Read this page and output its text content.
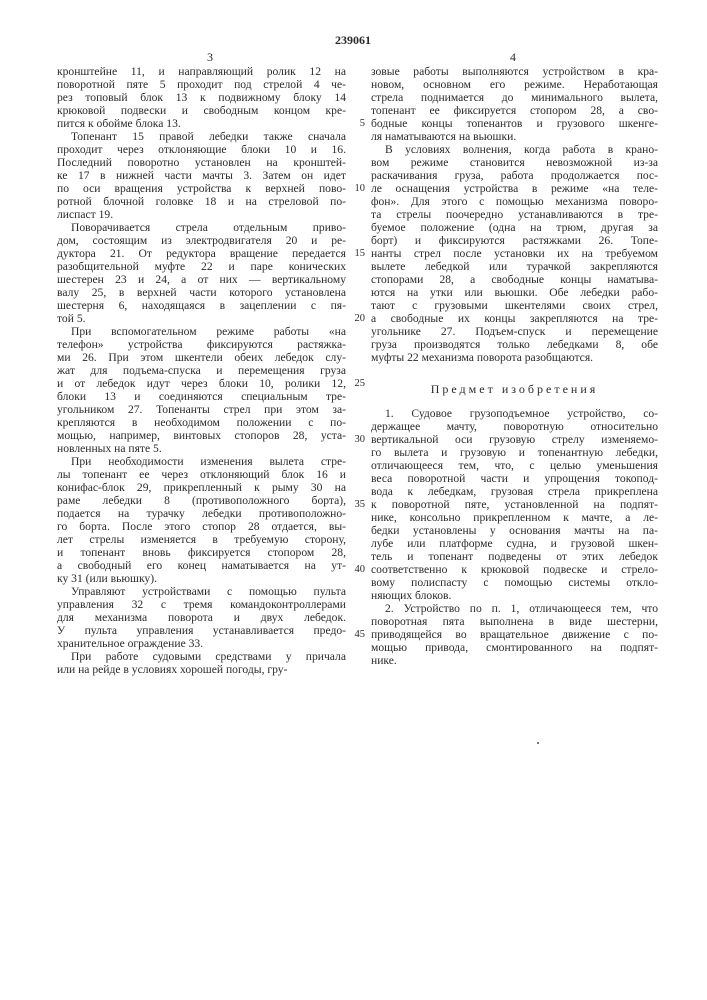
239061
3	4
кронштейне 11, и направляющий ролик 12 на
поворотной пяте 5 проходит под стрелой 4 че-
рез топовый блок 13 к подвижному блоку 14
крюковой подвески и свободным концом кре-
пится к обойме блока 13.
Топенант 15 правой лебедки также сначала
проходит через отклоняющие блоки 10 и 16.
Последний поворотно установлен на кронштей-
ке 17 в нижней части мачты 3. Затем он идет
по оси вращения устройства к верхней пово-
ротной блочной головке 18 и на стреловой по-
лиспаст 19.
Поворачивается стрела отдельным приво-
дом, состоящим из электродвигателя 20 и ре-
дуктора 21. От редуктора вращение передается
разобщительной муфте 22 и паре конических
шестерен 23 и 24, а от них — вертикальному
валу 25, в верхней части которого установлена
шестерня 6, находящаяся в зацеплении с пя-
той 5.
При вспомогательном режиме работы «на
телефон» устройства фиксируются растяжка-
ми 26. При этом шкентели обеих лебедок слу-
жат для подъема-спуска и перемещения груза
и от лебедок идут через блоки 10, ролики 12,
блоки 13 и соединяются специальным тре-
угольником 27. Топенанты стрел при этом за-
крепляются в необходимом положении с по-
мощью, например, винтовых стопоров 28, уста-
новленных на пяте 5.
При необходимости изменения вылета стре-
лы топенант ее через отклоняющий блок 16 и
конифас-блок 29, прикрепленный к рыму 30 на
раме лебедки 8 (противоположного борта),
подается на турачку лебедки противоположно-
го борта. После этого стопор 28 отдается, вы-
лет стрелы изменяется в требуемую сторону,
и топенант вновь фиксируется стопором 28,
а свободный его конец наматывается на ут-
ку 31 (или вьюшку).
Управляют устройствами с помощью пульта
управления 32 с тремя командоконтроллерами
для механизма поворота и двух лебедок.
У пульта управления устанавливается предо-
хранительное ограждение 33.
При работе судовыми средствами у причала
или на рейде в условиях хорошей погоды, гру-
зовые работы выполняются устройством в кра-
новом, основном его режиме. Неработающая
стрела поднимается до минимального вылета,
топенант ее фиксируется стопором 28, а сво-
бодные концы топенантов и грузового шкенге-
ля наматываются на вьюшки.
В условиях волнения, когда работа в крано-
вом режиме становится невозможной из-за
раскачивания груза, работа продолжается пос-
ле оснащения устройства в режиме «на теле-
фон». Для этого с помощью механизма поворо-
та стрелы поочередно устанавливаются в тре-
буемое положение (одна на трюм, другая за
борт) и фиксируются растяжками 26. Топе-
нанты стрел после установки их на требуемом
вылете лебедкой или турачкой закрепляются
стопорами 28, а свободные концы наматыва-
ются на утки или вьюшки. Обе лебедки рабо-
тают с грузовыми шкентелями своих стрел,
а свободные их концы закрепляются на тре-
угольнике 27. Подъем-спуск и перемещение
груза производятся только лебедками 8, обе
муфты 22 механизма поворота разобщаются.
Предмет изобретения
1. Судовое грузоподъемное устройство, со-
держащее мачту, поворотную относительно
вертикальной оси грузовую стрелу изменяемо-
го вылета и грузовую и топенантную лебедки,
отличающееся тем, что, с целью уменьшения
веса поворотной части и упрощения токопод-
вода к лебедкам, грузовая стрела прикреплена
к поворотной пяте, установленной на подпят-
нике, консольно прикрепленном к мачте, а ле-
бедки установлены у основания мачты на па-
лубе или платформе судна, и грузовой шкен-
тель и топенант подведены от этих лебедок
соответственно к крюковой подвеске и стрело-
вому полиспасту с помощью системы откло-
няющих блоков.
2. Устройство по п. 1, отличающееся тем, что
поворотная пята выполнена в виде шестерни,
приводящейся во вращательное движение с по-
мощью привода, смонтированного на подпят-
нике.
5
10
15
20
25
30
35
40
45
